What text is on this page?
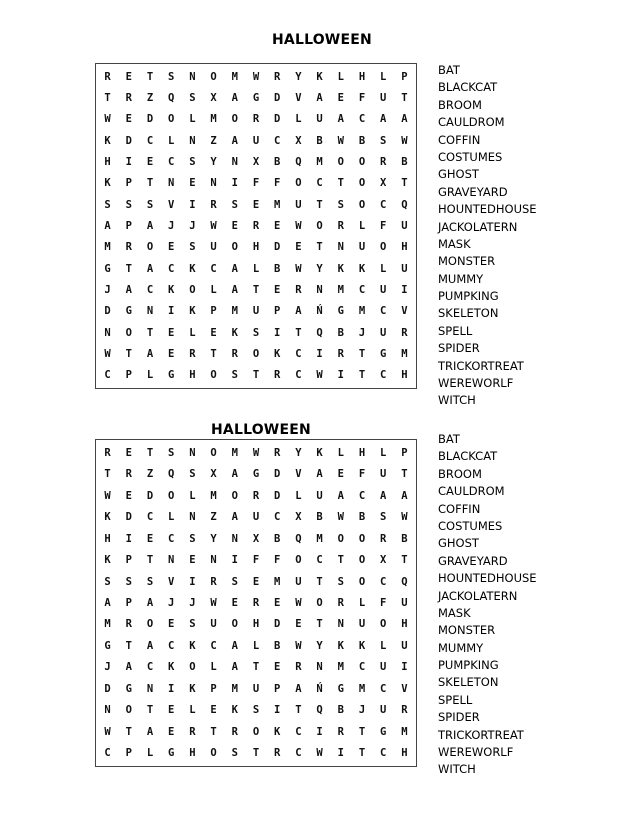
HALLOWEEN
R	E	T	S	N	O	M	W	R	Y	K	L	H	L	P
T	R	Z	Q	S	X	A	G	D	V	A	E	F	U	T
W	E	D	O	L	M	O	R	D	L	U	A	C	A	A
K	D	C	L	N	Z	A	U	C	X	B	W	B	S	W
H	I	E	C	S	Y	N	X	B	Q	M	O	O	R	B
K	P	T	N	E	N	I	F	F	O	C	T	O	X	T
S	S	S	V	I	R	S	E	M	U	T	S	O	C	Q
A	P	A	J	J	W	E	R	E	W	O	R	L	F	U
M	R	O	E	S	U	O	H	D	E	T	N	U	O	H
G	T	A	C	K	C	A	L	B	W	Y	K	K	L	U
J	A	C	K	O	L	A	T	E	R	N	M	C	U	I
D	G	N	I	K	P	M	U	P	A	Ń	G	M	C	V
N	O	T	E	L	E	K	S	I	T	Q	B	J	U	R
W	T	A	E	R	T	R	O	K	C	I	R	T	G	M
C	P	L	G	H	O	S	T	R	C	W	I	T	C	H
BAT
BLACKCAT
BROOM
CAULDROM
COFFIN
COSTUMES
GHOST
GRAVEYARD
HOUNTEDHOUSE
JACKOLATERN
MASK
MONSTER
MUMMY
PUMPKING
SKELETON
SPELL
SPIDER
TRICKORTREAT
WEREWORLF
WITCH
HALLOWEEN
R	E	T	S	N	O	M	W	R	Y	K	L	H	L	P
T	R	Z	Q	S	X	A	G	D	V	A	E	F	U	T
W	E	D	O	L	M	O	R	D	L	U	A	C	A	A
K	D	C	L	N	Z	A	U	C	X	B	W	B	S	W
H	I	E	C	S	Y	N	X	B	Q	M	O	O	R	B
K	P	T	N	E	N	I	F	F	O	C	T	O	X	T
S	S	S	V	I	R	S	E	M	U	T	S	O	C	Q
A	P	A	J	J	W	E	R	E	W	O	R	L	F	U
M	R	O	E	S	U	O	H	D	E	T	N	U	O	H
G	T	A	C	K	C	A	L	B	W	Y	K	K	L	U
J	A	C	K	O	L	A	T	E	R	N	M	C	U	I
D	G	N	I	K	P	M	U	P	A	Ń	G	M	C	V
N	O	T	E	L	E	K	S	I	T	Q	B	J	U	R
W	T	A	E	R	T	R	O	K	C	I	R	T	G	M
C	P	L	G	H	O	S	T	R	C	W	I	T	C	H
BAT
BLACKCAT
BROOM
CAULDROM
COFFIN
COSTUMES
GHOST
GRAVEYARD
HOUNTEDHOUSE
JACKOLATERN
MASK
MONSTER
MUMMY
PUMPKING
SKELETON
SPELL
SPIDER
TRICKORTREAT
WEREWORLF
WITCH
